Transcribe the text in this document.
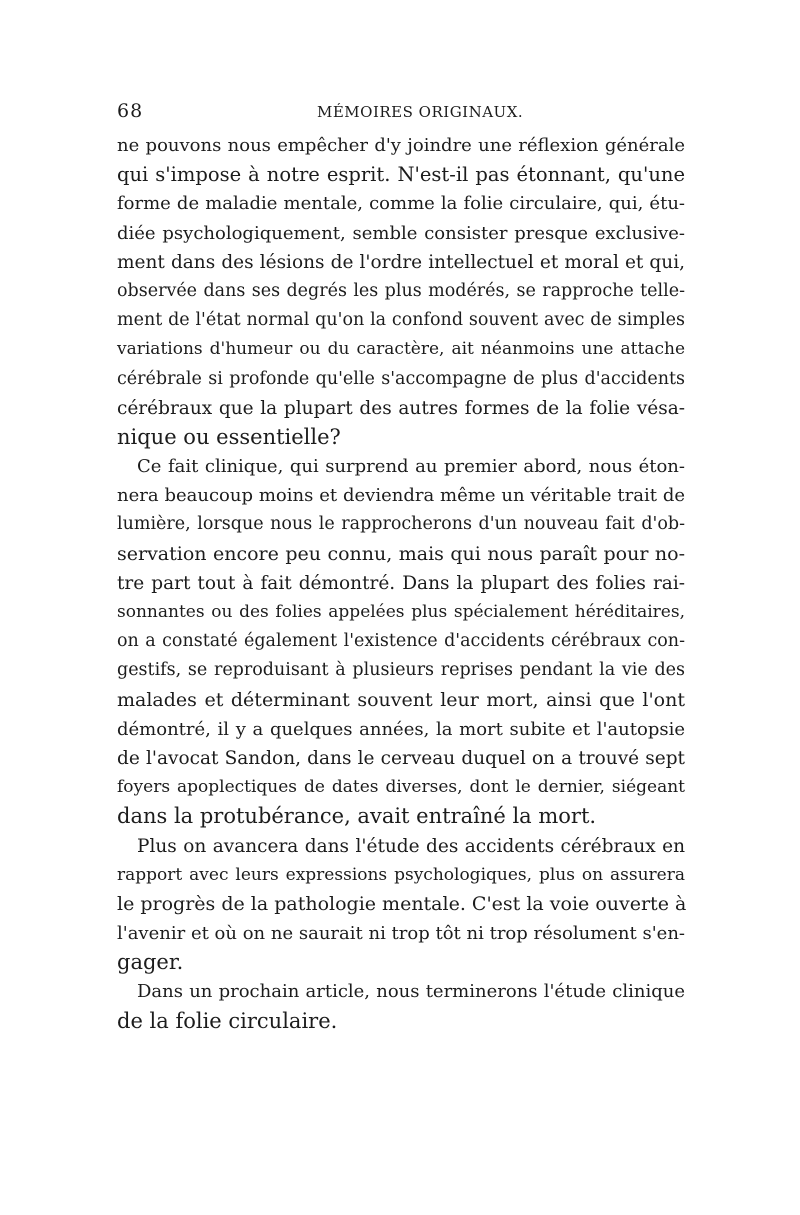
68	MÉMOIRES ORIGINAUX.
ne pouvons nous empêcher d'y joindre une réflexion générale
qui s'impose à notre esprit. N'est-il pas étonnant, qu'une
forme de maladie mentale, comme la folie circulaire, qui, étu-
diée psychologiquement, semble consister presque exclusive-
ment dans des lésions de l'ordre intellectuel et moral et qui,
observée dans ses degrés les plus modérés, se rapproche telle-
ment de l'état normal qu'on la confond souvent avec de simples
variations d'humeur ou du caractère, ait néanmoins une attache
cérébrale si profonde qu'elle s'accompagne de plus d'accidents
cérébraux que la plupart des autres formes de la folie vésa-
nique ou essentielle?
Ce fait clinique, qui surprend au premier abord, nous éton-
nera beaucoup moins et deviendra même un véritable trait de
lumière, lorsque nous le rapprocherons d'un nouveau fait d'ob-
servation encore peu connu, mais qui nous paraît pour no-
tre part tout à fait démontré. Dans la plupart des folies rai-
sonnantes ou des folies appelées plus spécialement héréditaires,
on a constaté également l'existence d'accidents cérébraux con-
gestifs, se reproduisant à plusieurs reprises pendant la vie des
malades et déterminant souvent leur mort, ainsi que l'ont
démontré, il y a quelques années, la mort subite et l'autopsie
de l'avocat Sandon, dans le cerveau duquel on a trouvé sept
foyers apoplectiques de dates diverses, dont le dernier, siégeant
dans la protubérance, avait entraîné la mort.
Plus on avancera dans l'étude des accidents cérébraux en
rapport avec leurs expressions psychologiques, plus on assurera
le progrès de la pathologie mentale. C'est la voie ouverte à
l'avenir et où on ne saurait ni trop tôt ni trop résolument s'en-
gager.
Dans un prochain article, nous terminerons l'étude clinique
de la folie circulaire.
